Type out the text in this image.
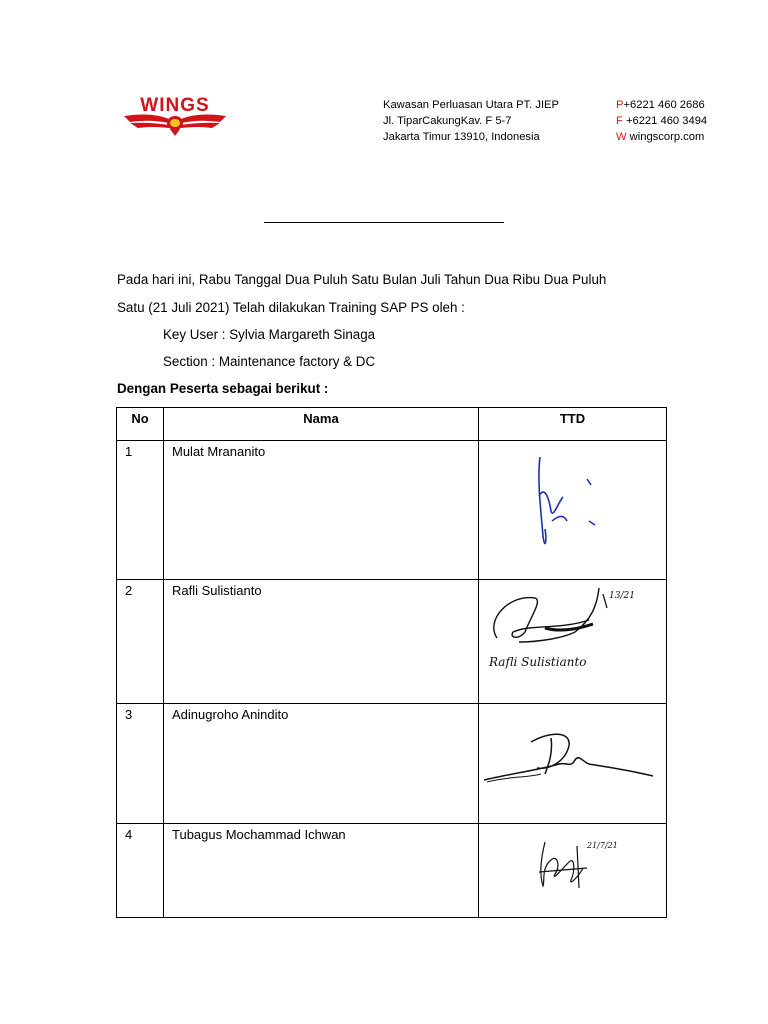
WINGS	Kawasan Perluasan Utara PT. JIEP
Jl. TiparCakungKav. F 5-7
Jakarta Timur 13910, Indonesia
P+6221 460 2686
F +6221 460 3494
W wingscorp.com
Pada hari ini, Rabu Tanggal Dua Puluh Satu Bulan Juli Tahun Dua Ribu Dua Puluh
Satu (21 Juli 2021) Telah dilakukan Training SAP PS oleh :
Key User : Sylvia Margareth Sinaga
Section : Maintenance factory & DC
Dengan Peserta sebagai berikut :
No	Nama	TTD
1	Mulat Mrananito	

2	Rafli Sulistianto	13/21
Rafli Sulistianto

3	Adinugroho Anindito	

4	Tubagus Mochammad Ichwan	21/7/21
